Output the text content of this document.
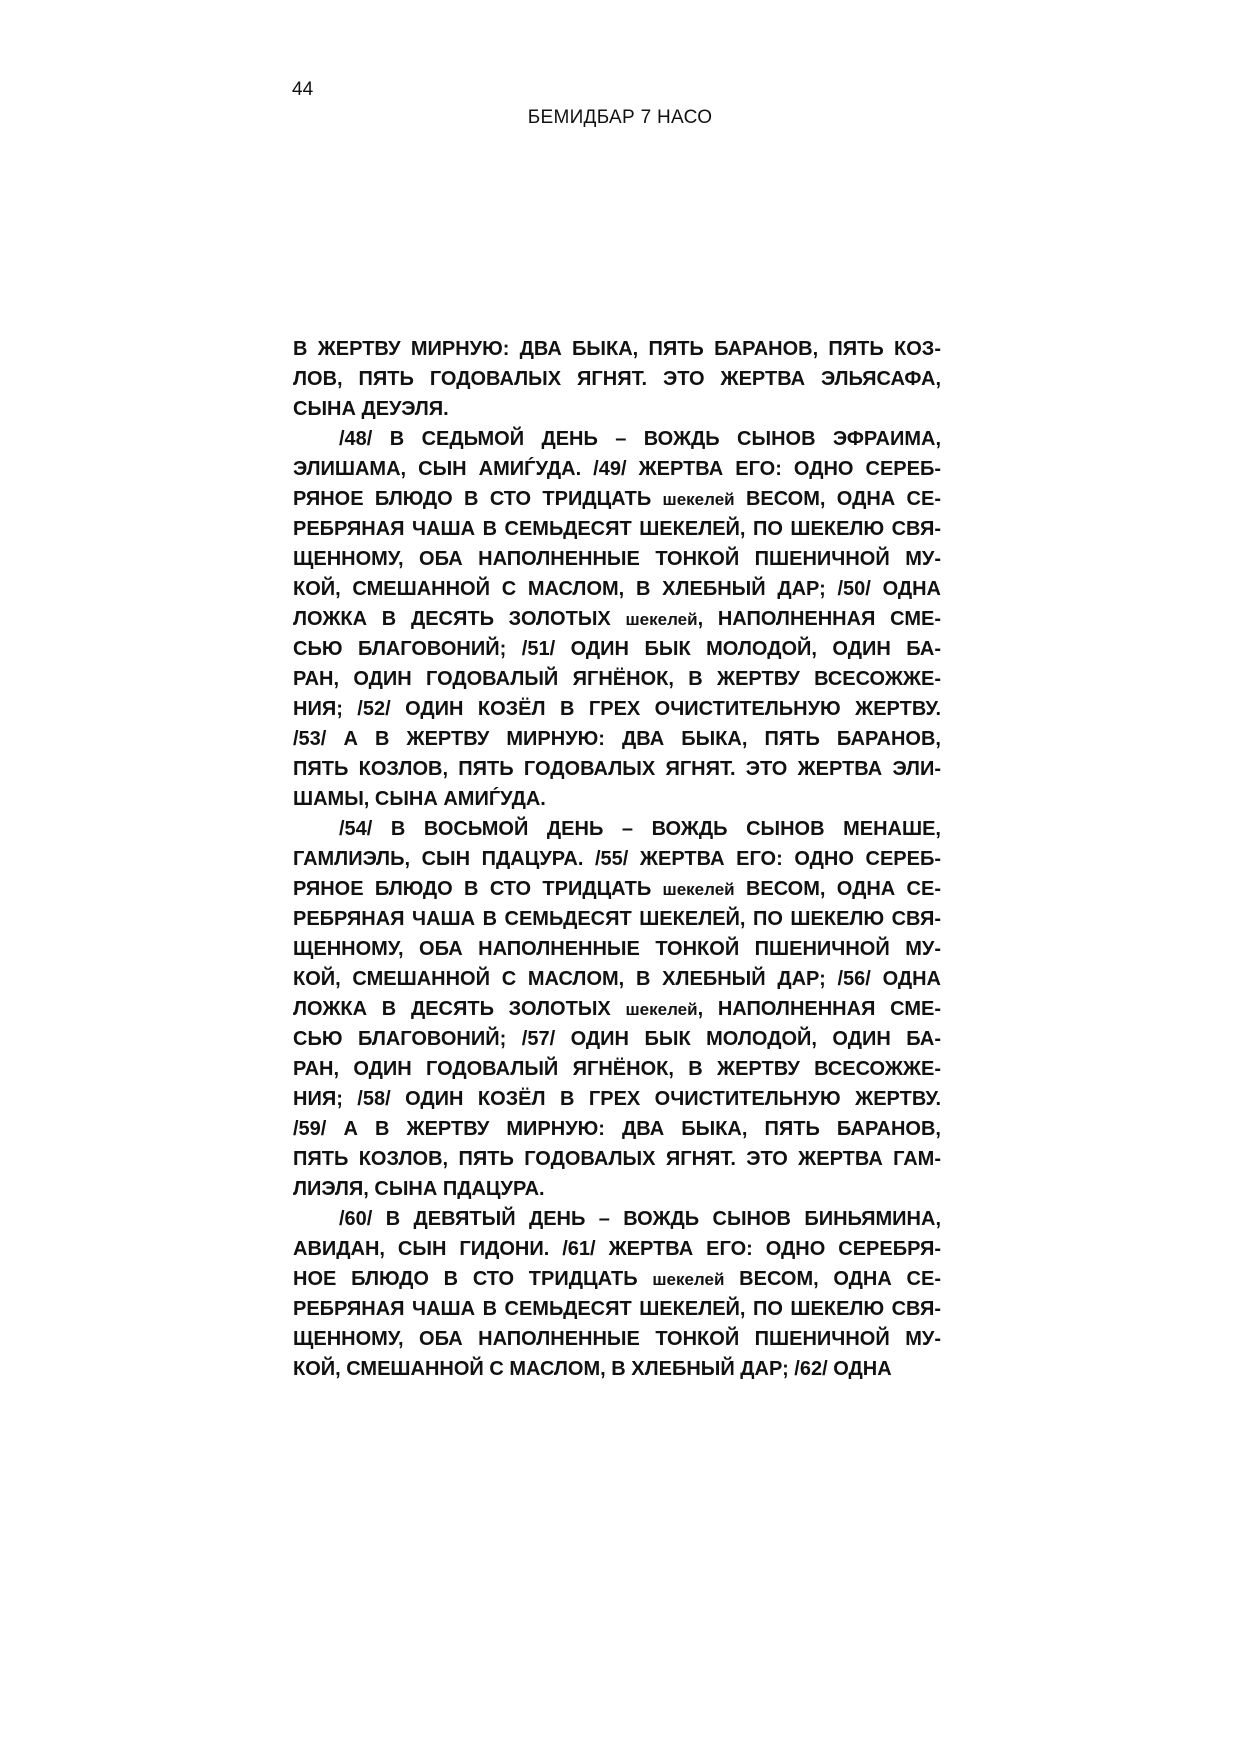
44
БЕМИДБАР 7 НАСО
В ЖЕРТВУ МИРНУЮ: ДВА БЫКА, ПЯТЬ БАРАНОВ, ПЯТЬ КОЗ-
ЛОВ, ПЯТЬ ГОДОВАЛЫХ ЯГНЯТ. ЭТО ЖЕРТВА ЭЛЬЯСАФА,
СЫНА ДЕУЭЛЯ.
/48/ В СЕДЬМОЙ ДЕНЬ – ВОЖДЬ СЫНОВ ЭФРАИМА,
ЭЛИШАМА, СЫН АМИЃУДА. /49/ ЖЕРТВА ЕГО: ОДНО СЕРЕБ-
РЯНОЕ БЛЮДО В СТО ТРИДЦАТЬ шекелей ВЕСОМ, ОДНА СЕ-
РЕБРЯНАЯ ЧАША В СЕМЬДЕСЯТ ШЕКЕЛЕЙ, ПО ШЕКЕЛЮ СВЯ-
ЩЕННОМУ, ОБА НАПОЛНЕННЫЕ ТОНКОЙ ПШЕНИЧНОЙ МУ-
КОЙ, СМЕШАННОЙ С МАСЛОМ, В ХЛЕБНЫЙ ДАР; /50/ ОДНА
ЛОЖКА В ДЕСЯТЬ ЗОЛОТЫХ шекелей, НАПОЛНЕННАЯ СМЕ-
СЬЮ БЛАГОВОНИЙ; /51/ ОДИН БЫК МОЛОДОЙ, ОДИН БА-
РАН, ОДИН ГОДОВАЛЫЙ ЯГНЁНОК, В ЖЕРТВУ ВСЕСОЖЖЕ-
НИЯ; /52/ ОДИН КОЗЁЛ В ГРЕХ ОЧИСТИТЕЛЬНУЮ ЖЕРТВУ.
/53/ А В ЖЕРТВУ МИРНУЮ: ДВА БЫКА, ПЯТЬ БАРАНОВ,
ПЯТЬ КОЗЛОВ, ПЯТЬ ГОДОВАЛЫХ ЯГНЯТ. ЭТО ЖЕРТВА ЭЛИ-
ШАМЫ, СЫНА АМИЃУДА.
/54/ В ВОСЬМОЙ ДЕНЬ – ВОЖДЬ СЫНОВ МЕНАШЕ,
ГАМЛИЭЛЬ, СЫН ПДАЦУРА. /55/ ЖЕРТВА ЕГО: ОДНО СЕРЕБ-
РЯНОЕ БЛЮДО В СТО ТРИДЦАТЬ шекелей ВЕСОМ, ОДНА СЕ-
РЕБРЯНАЯ ЧАША В СЕМЬДЕСЯТ ШЕКЕЛЕЙ, ПО ШЕКЕЛЮ СВЯ-
ЩЕННОМУ, ОБА НАПОЛНЕННЫЕ ТОНКОЙ ПШЕНИЧНОЙ МУ-
КОЙ, СМЕШАННОЙ С МАСЛОМ, В ХЛЕБНЫЙ ДАР; /56/ ОДНА
ЛОЖКА В ДЕСЯТЬ ЗОЛОТЫХ шекелей, НАПОЛНЕННАЯ СМЕ-
СЬЮ БЛАГОВОНИЙ; /57/ ОДИН БЫК МОЛОДОЙ, ОДИН БА-
РАН, ОДИН ГОДОВАЛЫЙ ЯГНЁНОК, В ЖЕРТВУ ВСЕСОЖЖЕ-
НИЯ; /58/ ОДИН КОЗЁЛ В ГРЕХ ОЧИСТИТЕЛЬНУЮ ЖЕРТВУ.
/59/ А В ЖЕРТВУ МИРНУЮ: ДВА БЫКА, ПЯТЬ БАРАНОВ,
ПЯТЬ КОЗЛОВ, ПЯТЬ ГОДОВАЛЫХ ЯГНЯТ. ЭТО ЖЕРТВА ГАМ-
ЛИЭЛЯ, СЫНА ПДАЦУРА.
/60/ В ДЕВЯТЫЙ ДЕНЬ – ВОЖДЬ СЫНОВ БИНЬЯМИНА,
АВИДАН, СЫН ГИДОНИ. /61/ ЖЕРТВА ЕГО: ОДНО СЕРЕБРЯ-
НОЕ БЛЮДО В СТО ТРИДЦАТЬ шекелей ВЕСОМ, ОДНА СЕ-
РЕБРЯНАЯ ЧАША В СЕМЬДЕСЯТ ШЕКЕЛЕЙ, ПО ШЕКЕЛЮ СВЯ-
ЩЕННОМУ, ОБА НАПОЛНЕННЫЕ ТОНКОЙ ПШЕНИЧНОЙ МУ-
КОЙ, СМЕШАННОЙ С МАСЛОМ, В ХЛЕБНЫЙ ДАР; /62/ ОДНА
